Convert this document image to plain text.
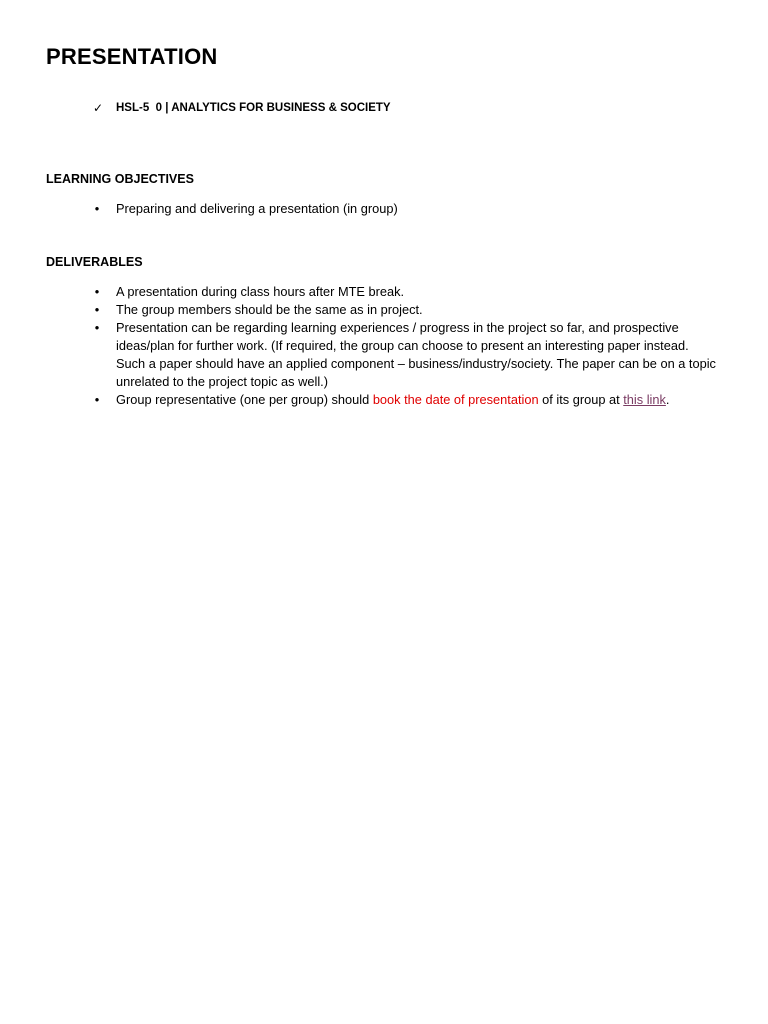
PRESENTATION
✓	HSL-5  0 | ANALYTICS FOR BUSINESS & SOCIETY
LEARNING OBJECTIVES
• Preparing and delivering a presentation (in group)
DELIVERABLES
• A presentation during class hours after MTE break.
• The group members should be the same as in project.
• Presentation can be regarding learning experiences / progress in the project so far, and prospective ideas/plan for further work. (If required, the group can choose to present an interesting paper instead. Such a paper should have an applied component – business/industry/society. The paper can be on a topic unrelated to the project topic as well.)
• Group representative (one per group) should book the date of presentation of its group at this link.
